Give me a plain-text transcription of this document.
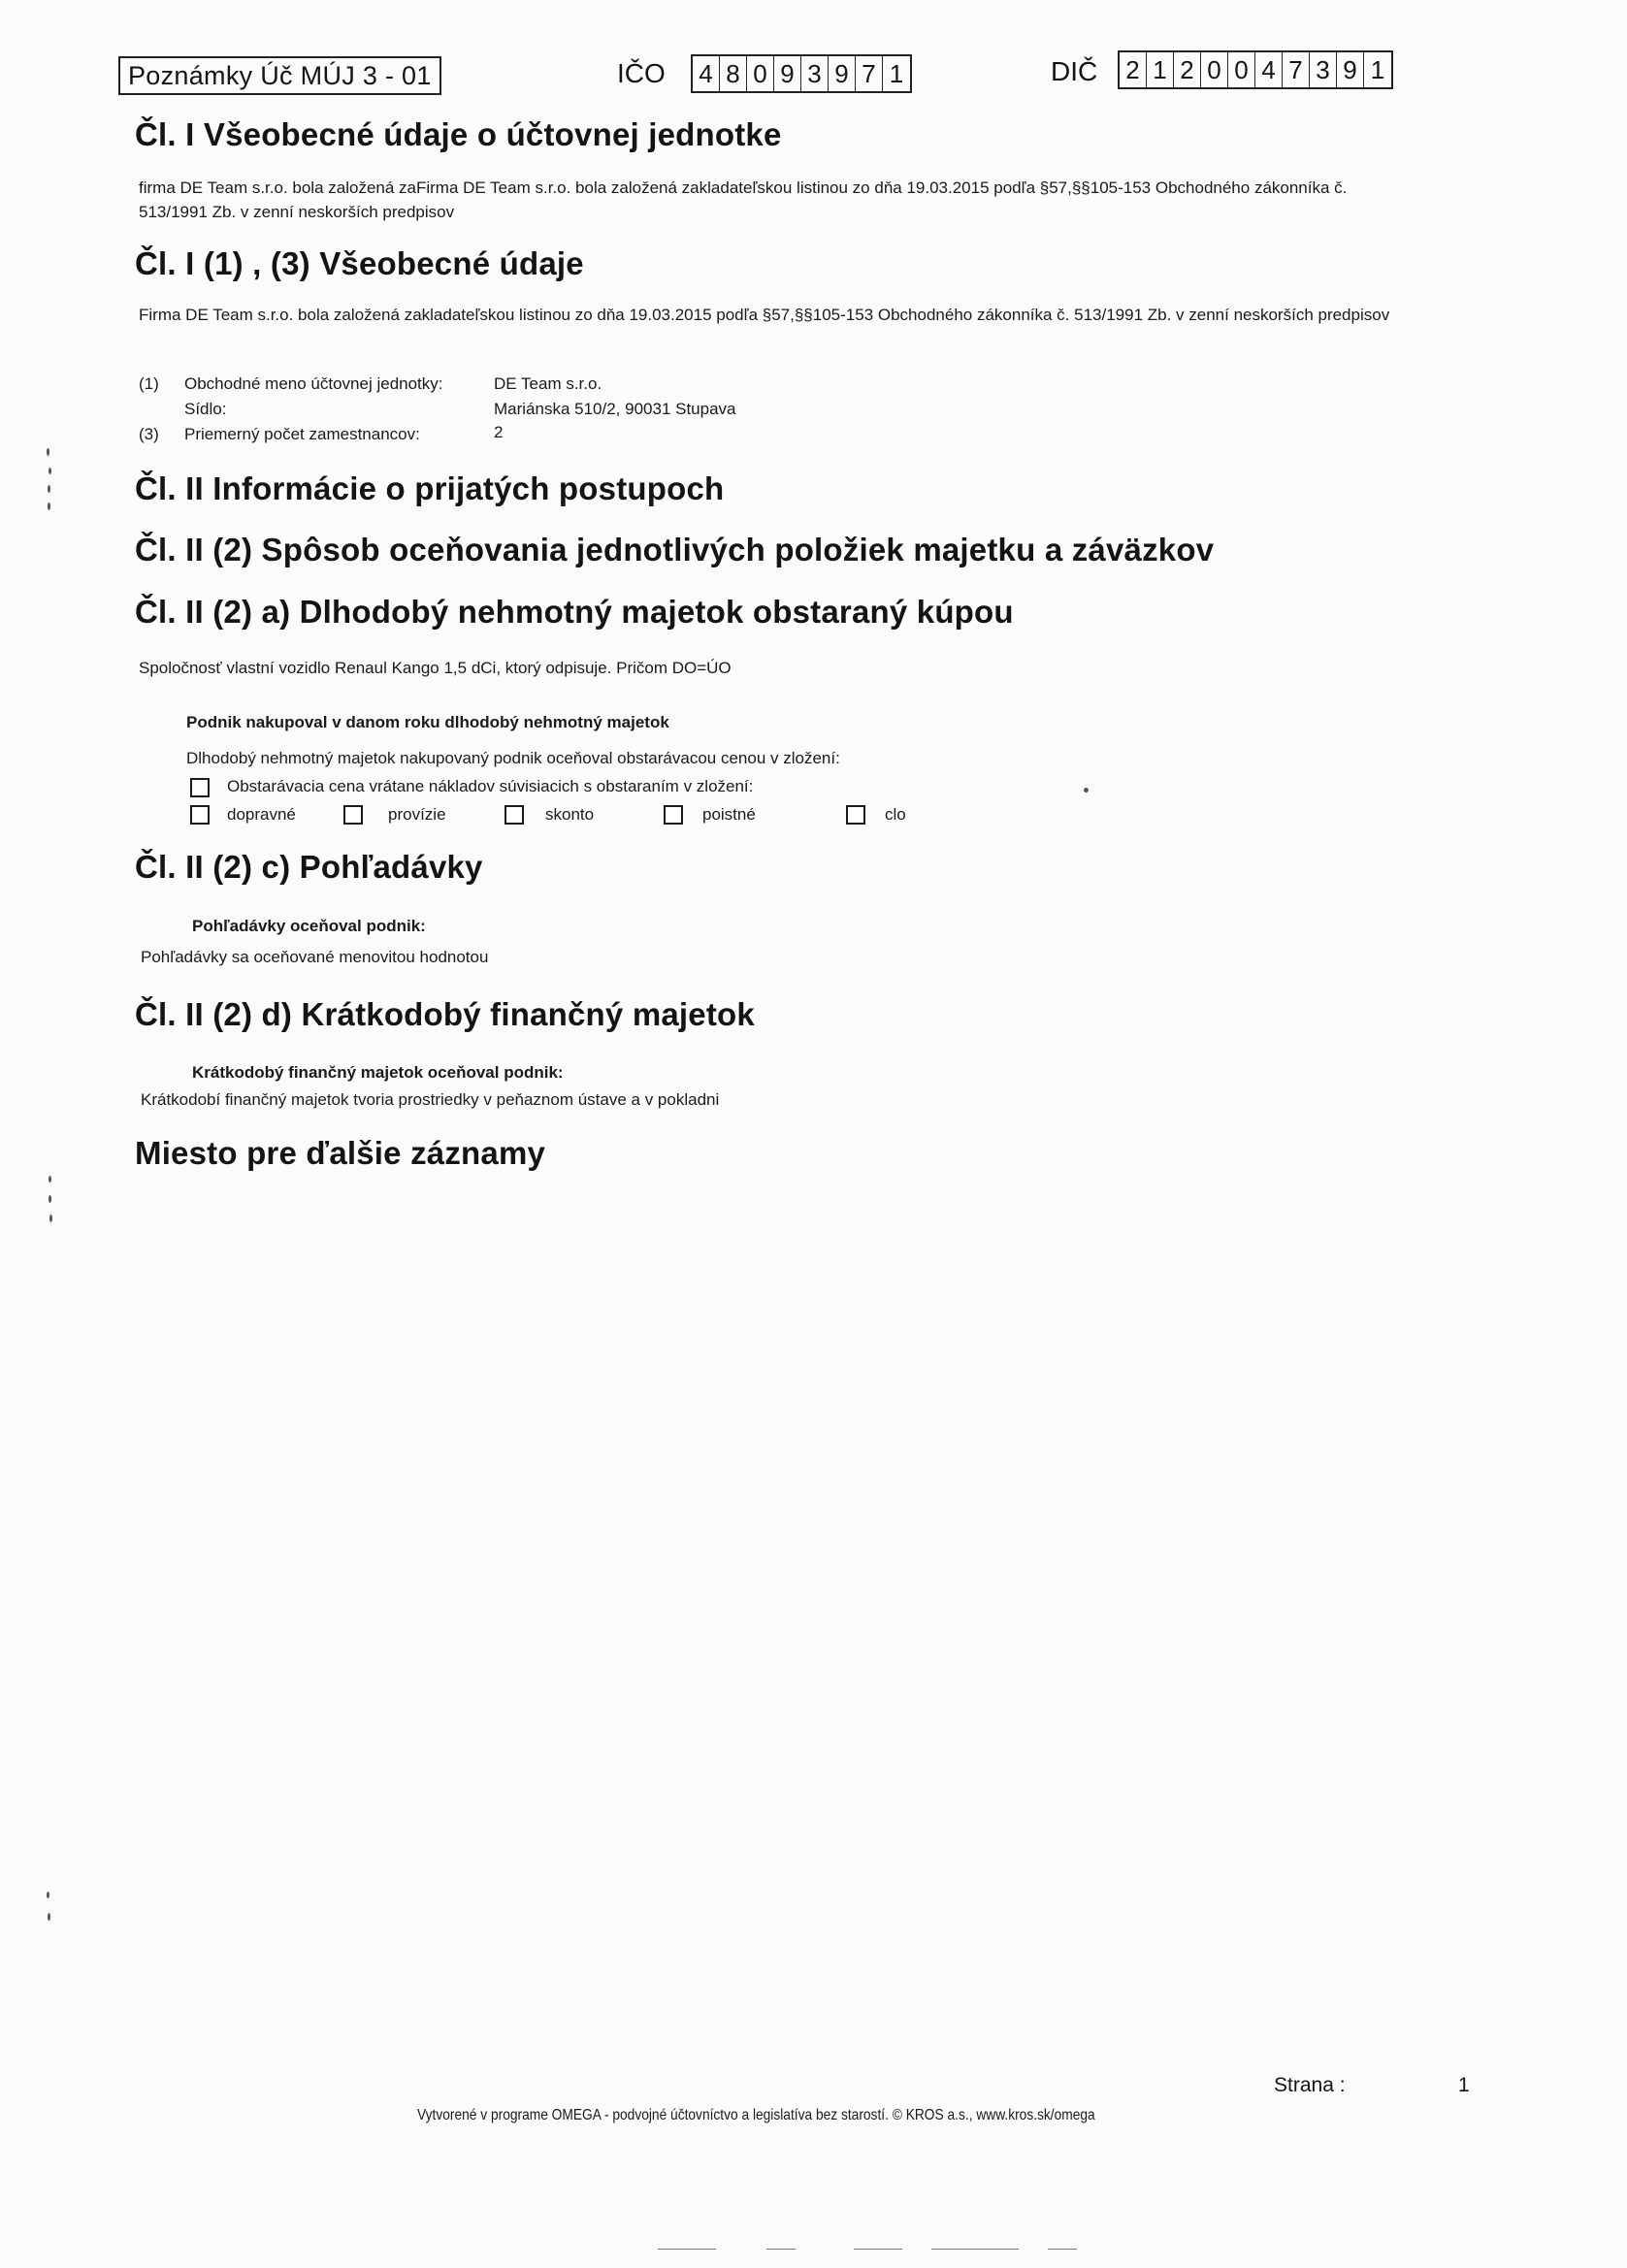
Poznámky Úč MÚJ 3 - 01	IČO 4 8 0 9 3 9 7 1	DIČ 2 1 2 0 0 4 7 3 9 1
Čl. I Všeobecné údaje o účtovnej jednotke
firma DE Team s.r.o. bola založená zaFirma DE Team s.r.o. bola založená zakladateľskou listinou zo dňa 19.03.2015 podľa §57,§§105-153 Obchodného zákonníka č. 513/1991 Zb. v zenní neskorších predpisov
Čl. I (1) , (3) Všeobecné údaje
Firma DE Team s.r.o. bola založená zakladateľskou listinou zo dňa 19.03.2015 podľa §57,§§105-153 Obchodného zákonníka č. 513/1991 Zb. v zenní neskorších predpisov
(1) Obchodné meno účtovnej jednotky:	DE Team s.r.o.
Sídlo:	Mariánska 510/2, 90031 Stupava
(3) Priemerný počet zamestnancov:	2
Čl. II Informácie o prijatých postupoch
Čl. II (2) Spôsob oceňovania jednotlivých položiek majetku a záväzkov
Čl. II (2) a) Dlhodobý nehmotný majetok obstaraný kúpou
Spoločnosť vlastní vozidlo Renaul Kango 1,5 dCi, ktorý odpisuje. Pričom DO=ÚO
Podnik nakupoval v danom roku dlhodobý nehmotný majetok
Dlhodobý nehmotný majetok nakupovaný podnik oceňoval obstarávacou cenou v zložení:
Obstarávacia cena vrátane nákladov súvisiacich s obstaraním v zložení:
dopravné	provízie	skonto	poistné	clo
Čl. II (2) c) Pohľadávky
Pohľadávky oceňoval podnik:
Pohľadávky sa oceňované menovitou hodnotou
Čl. II (2) d) Krátkodobý finančný majetok
Krátkodobý finančný majetok oceňoval podnik:
Krátkodobí finančný majetok tvoria prostriedky v peňaznom ústave a v pokladni
Miesto pre ďalšie záznamy
Strana :	1
Vytvorené v programe OMEGA - podvojné účtovníctvo a legislatíva bez starostí. © KROS a.s., www.kros.sk/omega
